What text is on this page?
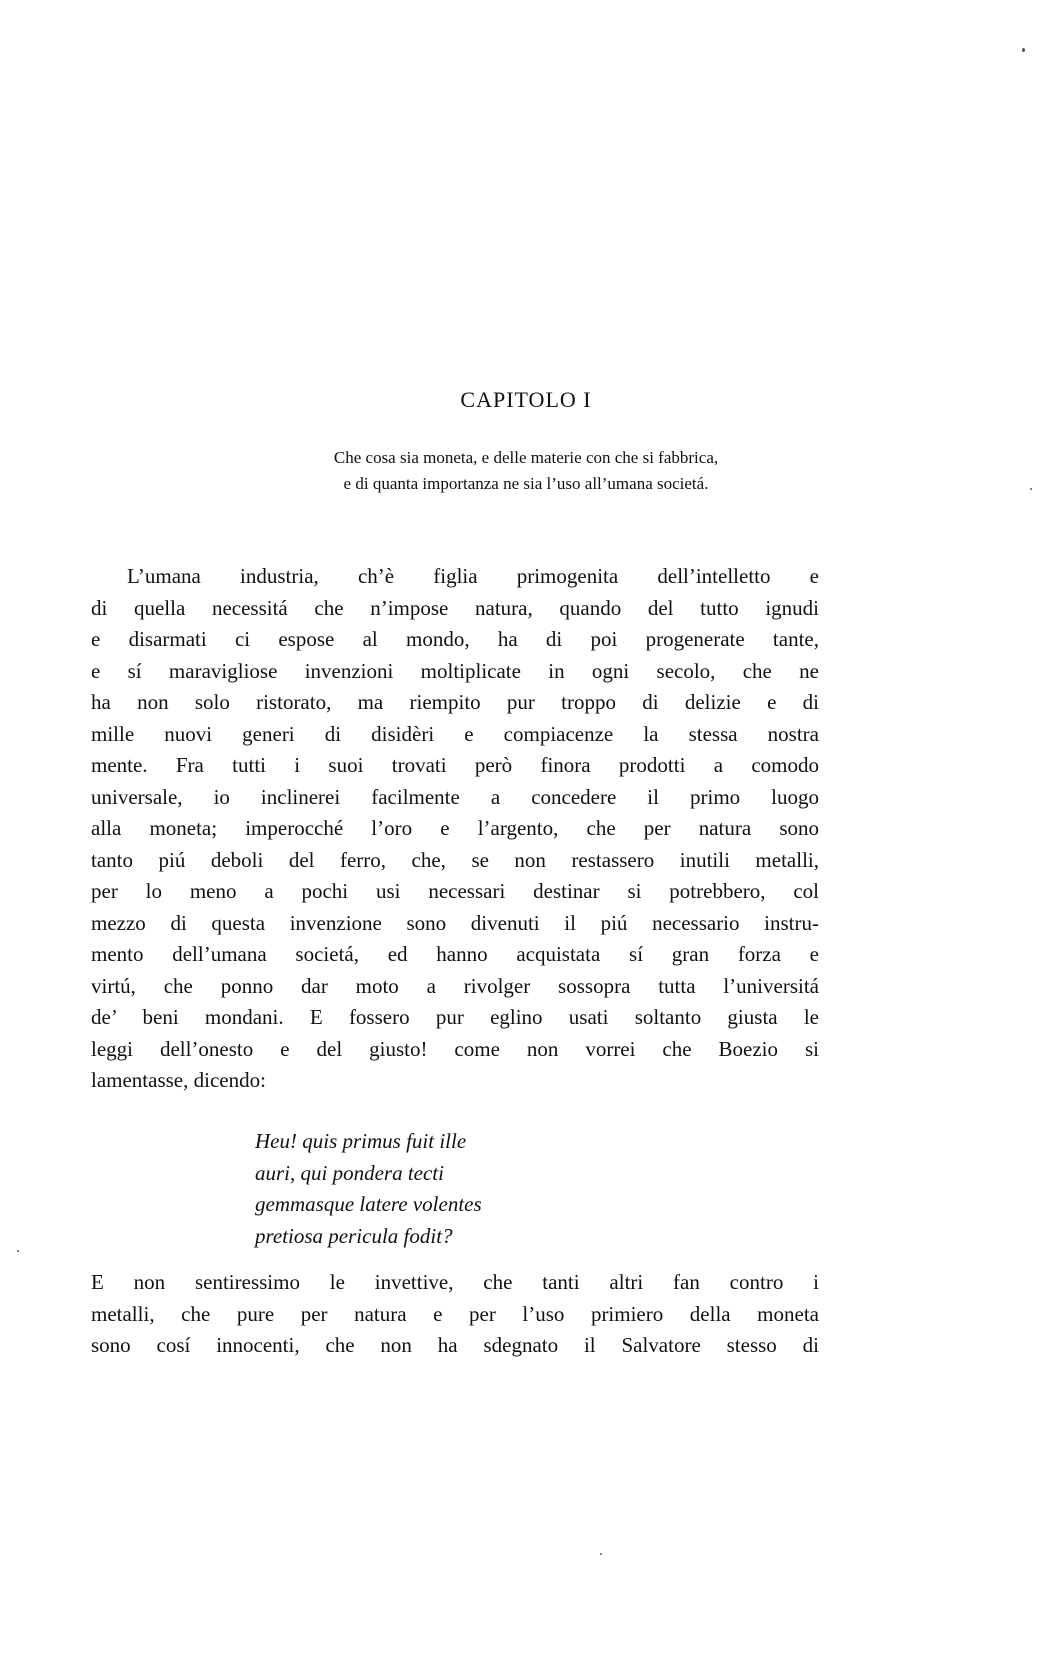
CAPITOLO I
Che cosa sia moneta, e delle materie con che si fabbrica,
e di quanta importanza ne sia l’uso all’umana societá.
L’umana industria, ch’è figlia primogenita dell’intelletto e
di quella necessitá che n’impose natura, quando del tutto ignudi
e disarmati ci espose al mondo, ha di poi progenerate tante,
e sí maravigliose invenzioni moltiplicate in ogni secolo, che ne
ha non solo ristorato, ma riempito pur troppo di delizie e di
mille nuovi generi di disidèri e compiacenze la stessa nostra
mente. Fra tutti i suoi trovati però finora prodotti a comodo
universale, io inclinerei facilmente a concedere il primo luogo
alla moneta; imperocché l’oro e l’argento, che per natura sono
tanto piú deboli del ferro, che, se non restassero inutili metalli,
per lo meno a pochi usi necessari destinar si potrebbero, col
mezzo di questa invenzione sono divenuti il piú necessario instru-
mento dell’umana societá, ed hanno acquistata sí gran forza e
virtú, che ponno dar moto a rivolger sossopra tutta l’universitá
de’ beni mondani. E fossero pur eglino usati soltanto giusta le
leggi dell’onesto e del giusto! come non vorrei che Boezio si
lamentasse, dicendo:
Heu! quis primus fuit ille
auri, qui pondera tecti
gemmasque latere volentes
pretiosa pericula fodit?
E non sentiressimo le invettive, che tanti altri fan contro i
metalli, che pure per natura e per l’uso primiero della moneta
sono cosí innocenti, che non ha sdegnato il Salvatore stesso di
